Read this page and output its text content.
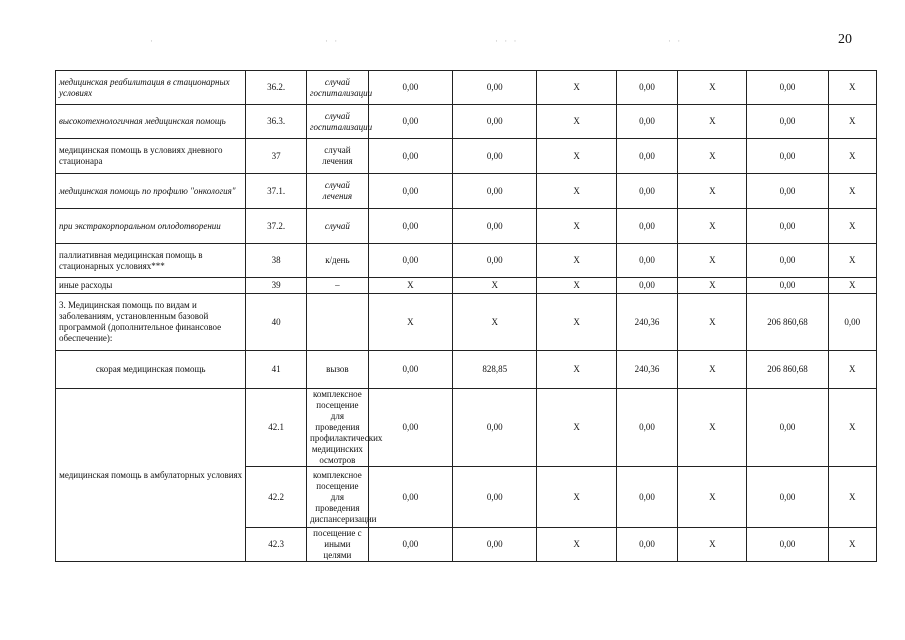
20
·	· ·	· · ·	· ·
медицинская реабилитация в стационарных условиях	36.2.	случай госпитализации	0,00	0,00	X	0,00	X	0,00	X
высокотехнологичная медицинская помощь	36.3.	случай госпитализации	0,00	0,00	X	0,00	X	0,00	X
медицинская помощь в условиях дневного стационара	37	случай лечения	0,00	0,00	X	0,00	X	0,00	X
медицинская помощь по профилю "онкология"	37.1.	случай лечения	0,00	0,00	X	0,00	X	0,00	X
при экстракорпоральном оплодотворении	37.2.	случай	0,00	0,00	X	0,00	X	0,00	X
паллиативная медицинская помощь в стационарных условиях***	38	к/день	0,00	0,00	X	0,00	X	0,00	X
иные расходы	39	–	X	X	X	0,00	X	0,00	X
3. Медицинская помощь по видам и заболеваниям, установленным базовой программой (дополнительное финансовое обеспечение):	40		X	X	X	240,36	X	206 860,68	0,00
скорая медицинская помощь	41	вызов	0,00	828,85	X	240,36	X	206 860,68	X
медицинская помощь в амбулаторных условиях	42.1	комплексное посещение для проведения профилактических медицинских осмотров	0,00	0,00	X	0,00	X	0,00	X
	42.2	комплексное посещение для проведения диспансеризации	0,00	0,00	X	0,00	X	0,00	X
	42.3	посещение с иными целями	0,00	0,00	X	0,00	X	0,00	X
